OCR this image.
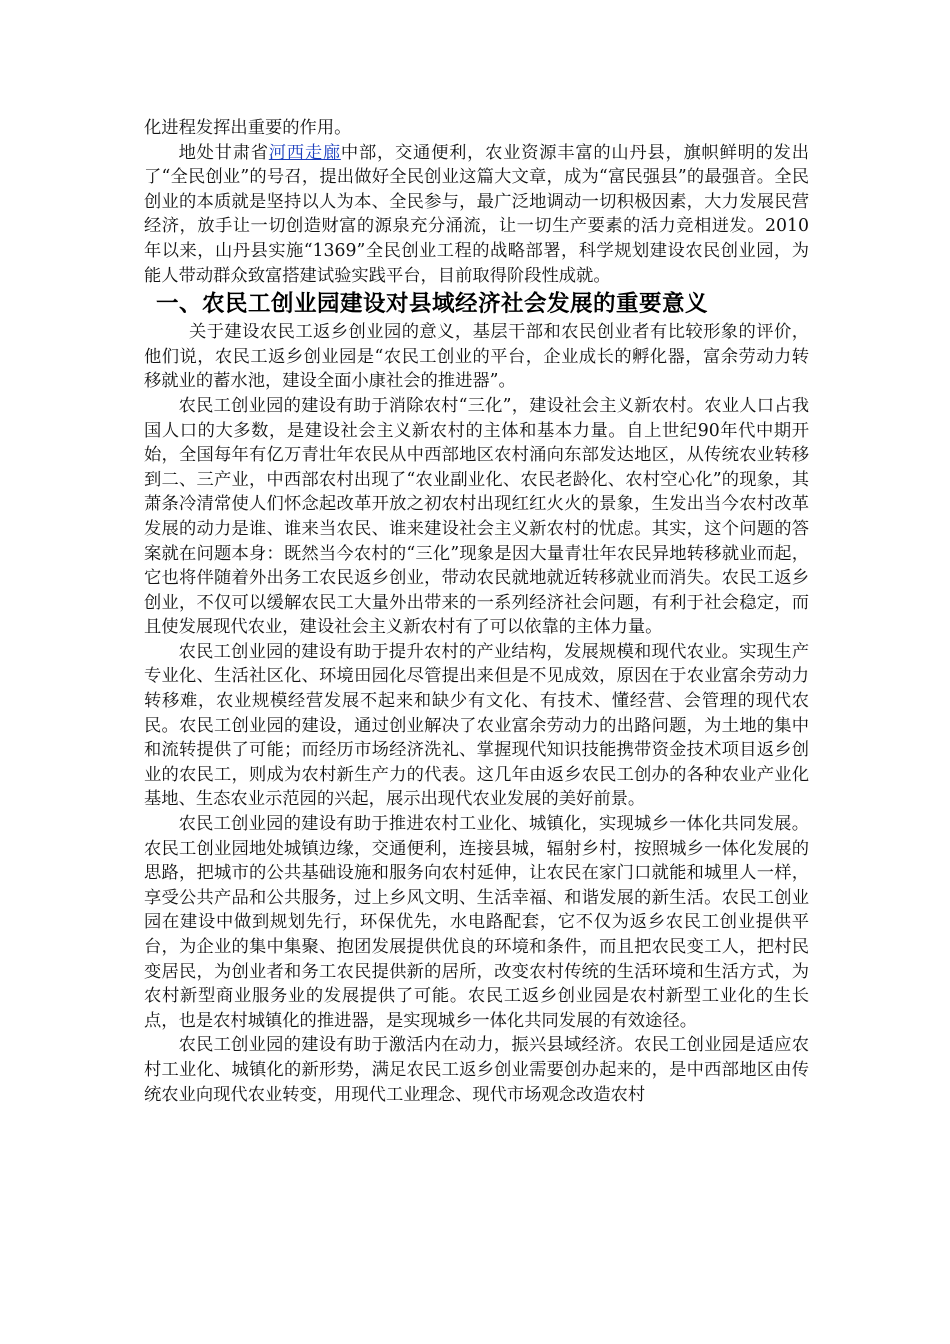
化进程发挥出重要的作用。

地处甘肃省河西走廊中部，交通便利，农业资源丰富的山丹县，旗帜鲜明的发出了“全民创业”的号召，提出做好全民创业这篇大文章，成为“富民强县”的最强音。全民创业的本质就是坚持以人为本、全民参与，最广泛地调动一切积极因素，大力发展民营经济，放手让一切创造财富的源泉充分涌流，让一切生产要素的活力竞相迸发。2010年以来，山丹县实施“1369”全民创业工程的战略部署，科学规划建设农民创业园，为能人带动群众致富搭建试验实践平台，目前取得阶段性成就。

一、农民工创业园建设对县域经济社会发展的重要意义

关于建设农民工返乡创业园的意义，基层干部和农民创业者有比较形象的评价，他们说，农民工返乡创业园是“农民工创业的平台，企业成长的孵化器，富余劳动力转移就业的蓄水池，建设全面小康社会的推进器”。

农民工创业园的建设有助于消除农村“三化”，建设社会主义新农村。农业人口占我国人口的大多数，是建设社会主义新农村的主体和基本力量。自上世纪90年代中期开始，全国每年有亿万青壮年农民从中西部地区农村涌向东部发达地区，从传统农业转移到二、三产业，中西部农村出现了“农业副业化、农民老龄化、农村空心化”的现象，其萧条冷清常使人们怀念起改革开放之初农村出现红红火火的景象，生发出当今农村改革发展的动力是谁、谁来当农民、谁来建设社会主义新农村的忧虑。其实，这个问题的答案就在问题本身：既然当今农村的“三化”现象是因大量青壮年农民异地转移就业而起，它也将伴随着外出务工农民返乡创业，带动农民就地就近转移就业而消失。农民工返乡创业，不仅可以缓解农民工大量外出带来的一系列经济社会问题，有利于社会稳定，而且使发展现代农业，建设社会主义新农村有了可以依靠的主体力量。

农民工创业园的建设有助于提升农村的产业结构，发展规模和现代农业。实现生产专业化、生活社区化、环境田园化尽管提出来但是不见成效，原因在于农业富余劳动力转移难，农业规模经营发展不起来和缺少有文化、有技术、懂经营、会管理的现代农民。农民工创业园的建设，通过创业解决了农业富余劳动力的出路问题，为土地的集中和流转提供了可能；而经历市场经济洗礼、掌握现代知识技能携带资金技术项目返乡创业的农民工，则成为农村新生产力的代表。这几年由返乡农民工创办的各种农业产业化基地、生态农业示范园的兴起，展示出现代农业发展的美好前景。

农民工创业园的建设有助于推进农村工业化、城镇化，实现城乡一体化共同发展。农民工创业园地处城镇边缘，交通便利，连接县城，辐射乡村，按照城乡一体化发展的思路，把城市的公共基础设施和服务向农村延伸，让农民在家门口就能和城里人一样，享受公共产品和公共服务，过上乡风文明、生活幸福、和谐发展的新生活。农民工创业园在建设中做到规划先行，环保优先，水电路配套，它不仅为返乡农民工创业提供平台，为企业的集中集聚、抱团发展提供优良的环境和条件，而且把农民变工人，把村民变居民，为创业者和务工农民提供新的居所，改变农村传统的生活环境和生活方式，为农村新型商业服务业的发展提供了可能。农民工返乡创业园是农村新型工业化的生长点，也是农村城镇化的推进器，是实现城乡一体化共同发展的有效途径。

农民工创业园的建设有助于激活内在动力，振兴县域经济。农民工创业园是适应农村工业化、城镇化的新形势，满足农民工返乡创业需要创办起来的，是中西部地区由传统农业向现代农业转变，用现代工业理念、现代市场观念改造农村
